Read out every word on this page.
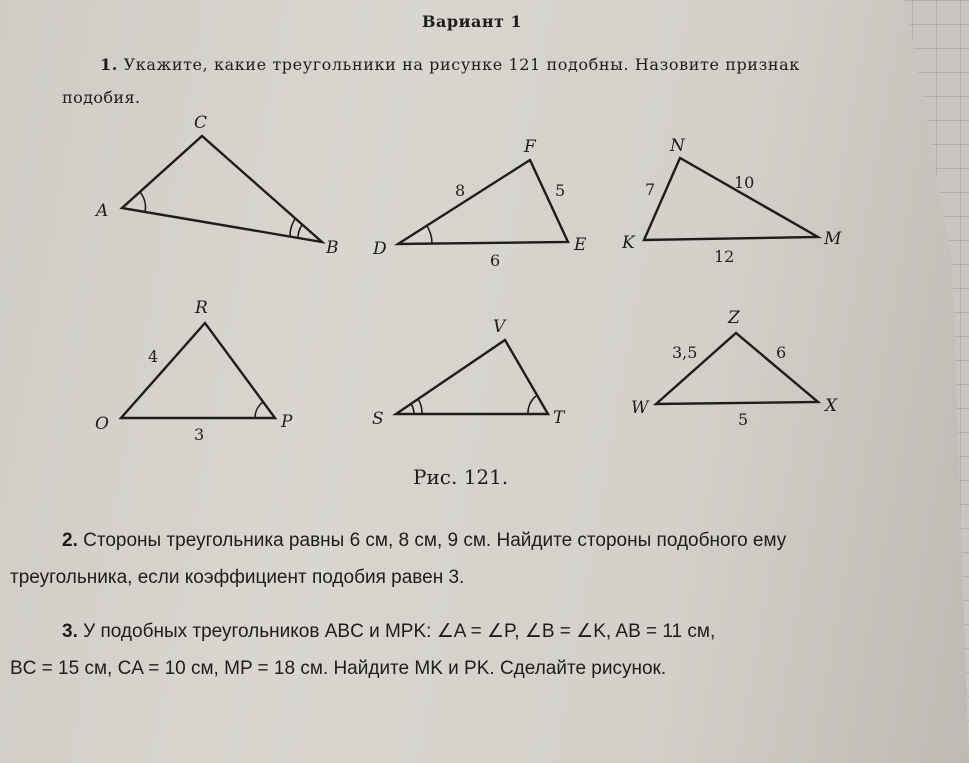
Вариант 1
1. Укажите, какие треугольники на рисунке 121 подобны. Назовите признак
подобия.
A
B
C
D	E
F
8	5
6
K	M
N
7	10
12
O	P
R
4
3
S	T
V
W	X
Z
3,5	6
5
Рис. 121.
2. Стороны треугольника равны 6 см, 8 см, 9 см. Найдите стороны подобного ему
треугольника, если коэффициент подобия равен 3.
3. У подобных треугольников ABC и MPK: ∠A = ∠P, ∠B = ∠K, AB = 11 см,
BC = 15 см, CA = 10 см, MP = 18 см. Найдите MK и PK. Сделайте рисунок.
